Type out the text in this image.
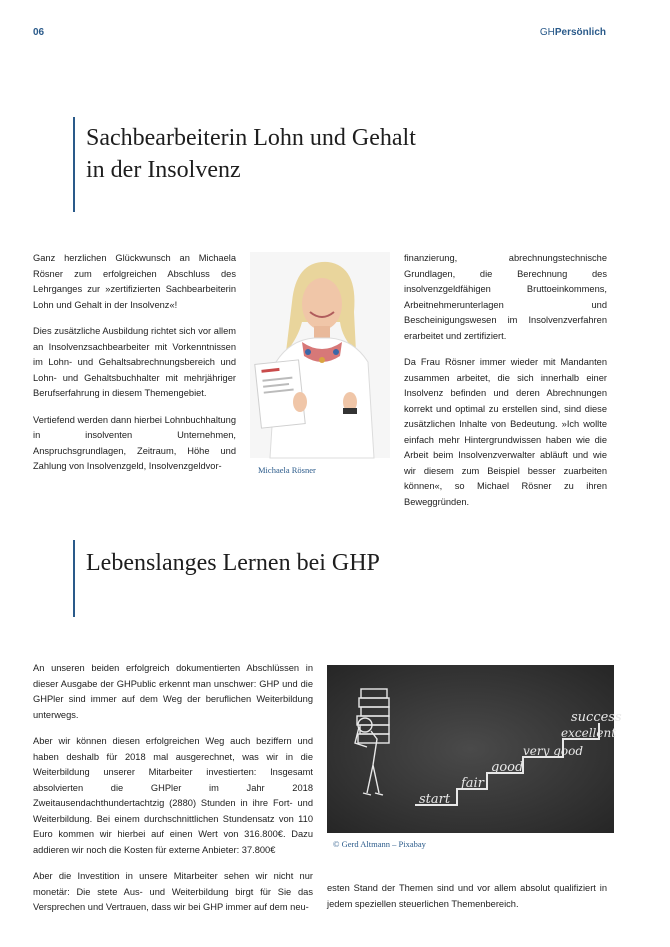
06	GHPersönlich
Sachbearbeiterin Lohn und Gehalt
in der Insolvenz

Ganz herzlichen Glückwunsch an Michaela Rösner zum erfolgreichen Abschluss des Lehrganges zur »zertifizierten Sachbearbeiterin Lohn und Gehalt in der Insolvenz«!

Dies zusätzliche Ausbildung richtet sich vor allem an Insolvenzsachbearbeiter mit Vorkenntnissen im Lohn- und Gehaltsabrechnungsbereich und Lohn- und Gehaltsbuchhalter mit mehrjähriger Berufserfahrung in diesem Themengebiet.

Vertiefend werden dann hierbei Lohnbuchhaltung in insolventen Unternehmen, Anspruchsgrundlagen, Zeitraum, Höhe und Zahlung von Insolvenzgeld, Insolvenzgeldvor-	Michaela Rösner

finanzierung, abrechnungstechnische Grundlagen, die Berechnung des insolvenzgeldfähigen Bruttoeinkommens, Arbeitnehmerunterlagen und Bescheinigungswesen im Insolvenzverfahren erarbeitet und zertifiziert.

Da Frau Rösner immer wieder mit Mandanten zusammen arbeitet, die sich innerhalb einer Insolvenz befinden und deren Abrechnungen korrekt und optimal zu erstellen sind, sind diese zusätzlichen Inhalte von Bedeutung. »Ich wollte einfach mehr Hintergrundwissen haben wie die Arbeit beim Insolvenzverwalter abläuft und wie wir diesem zum Beispiel besser zuarbeiten können«, so Michael Rösner zu ihren Beweggründen.

Lebenslanges Lernen bei GHP

An unseren beiden erfolgreich dokumentierten Abschlüssen in dieser Ausgabe der GHPublic erkennt man unschwer: GHP und die GHPler sind immer auf dem Weg der beruflichen Weiterbildung unterwegs.

Aber wir können diesen erfolgreichen Weg auch beziffern und haben deshalb für 2018 mal ausgerechnet, was wir in die Weiterbildung unserer Mitarbeiter investierten: Insgesamt absolvierten die GHPler im Jahr 2018 Zweitausendachthundertachtzig (2880) Stunden in ihre Fort- und Weiterbildung. Bei einem durchschnittlichen Stundensatz von 110 Euro kommen wir hierbei auf einen Wert von 316.800€. Dazu addieren wir noch die Kosten für externe Anbieter: 37.800€

Aber die Investition in unsere Mitarbeiter sehen wir nicht nur monetär: Die stete Aus- und Weiterbildung birgt für Sie das Versprechen und Vertrauen, dass wir bei GHP immer auf dem neu-

start
fair
good
very good
excellent
success
© Gerd Altmann – Pixabay

esten Stand der Themen sind und vor allem absolut qualifiziert in jedem speziellen steuerlichen Themenbereich.
